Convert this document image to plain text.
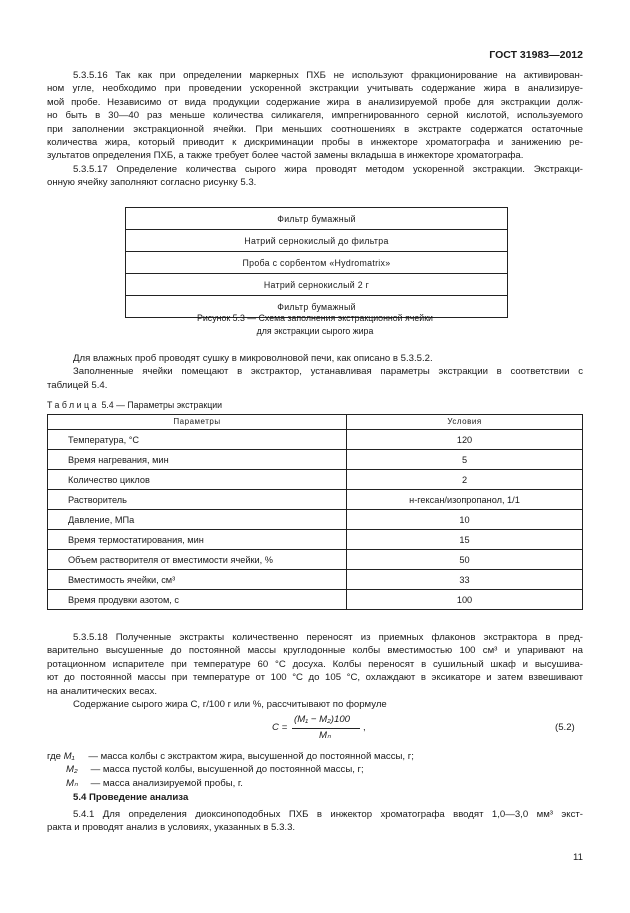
ГОСТ 31983—2012
5.3.5.16 Так как при определении маркерных ПХБ не используют фракционирование на активирован-
ном угле, необходимо при проведении ускоренной экстракции учитывать содержание жира в анализируе-
мой пробе. Независимо от вида продукции содержание жира в анализируемой пробе для экстракции долж-
но быть в 30—40 раз меньше количества силикагеля, импрегнированного серной кислотой, используемого
при заполнении экстракционной ячейки. При меньших соотношениях в экстракте содержатся остаточные
количества жира, который приводит к дискриминации пробы в инжекторе хроматографа и занижению ре-
зультатов определения ПХБ, а также требует более частой замены вкладыша в инжекторе хроматографа.
5.3.5.17 Определение количества сырого жира проводят методом ускоренной экстракции. Экстракци-
онную ячейку заполняют согласно рисунку 5.3.
Фильтр бумажный
Натрий сернокислый до фильтра
Проба с сорбентом «Hydromatrix»
Натрий сернокислый 2 г
Фильтр бумажный
Рисунок 5.3 — Схема заполнения экстракционной ячейки
для экстракции сырого жира
Для влажных проб проводят сушку в микроволновой печи, как описано в 5.3.5.2.
Заполненные ячейки помещают в экстрактор, устанавливая параметры экстракции в соответствии с
таблицей 5.4.
Таблица 5.4 — Параметры экстракции
Параметры	Условия
Температура, °С	120
Время нагревания, мин	5
Количество циклов	2
Растворитель	н-гексан/изопропанол, 1/1
Давление, МПа	10
Время термостатирования, мин	15
Объем растворителя от вместимости ячейки, %	50
Вместимость ячейки, см³	33
Время продувки азотом, с	100
5.3.5.18 Полученные экстракты количественно переносят из приемных флаконов экстрактора в пред-
варительно высушенные до постоянной массы круглодонные колбы вместимостью 100 см³ и упаривают на
ротационном испарителе при температуре 60 °С досуха. Колбы переносят в сушильный шкаф и высушива-
ют до постоянной массы при температуре от 100 °С до 105 °С, охлаждают в эксикаторе и затем взвешивают
на аналитических весах.
Содержание сырого жира C, г/100 г или %, рассчитывают по формуле
C =
(M₁ − M₂)100
Mₙ
,	(5.2)
где M₁ — масса колбы с экстрактом жира, высушенной до постоянной массы, г;
M₂ — масса пустой колбы, высушенной до постоянной массы, г;
Mₙ — масса анализируемой пробы, г.
5.4 Проведение анализа
5.4.1 Для определения диоксиноподобных ПХБ в инжектор хроматографа вводят 1,0—3,0 мм³ экст-
ракта и проводят анализ в условиях, указанных в 5.3.3.
11
